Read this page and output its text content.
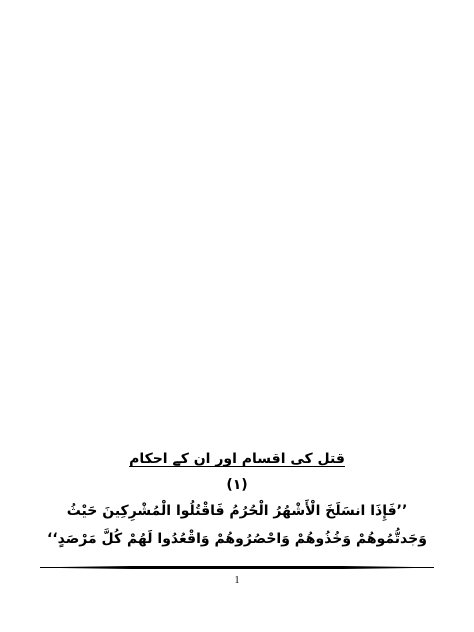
قتل کی اقسام اور ان کے احکام
(۱)
’’فَإِذَا انسَلَخَ الْأَشْهُرُ الْحُرُمُ فَاقْتُلُوا الْمُشْرِكِينَ حَيْثُ
وَجَدتُّمُوهُمْ وَخُذُوهُمْ وَاحْصُرُوهُمْ وَاقْعُدُوا لَهُمْ كُلَّ مَرْصَدٍ‘‘
1
